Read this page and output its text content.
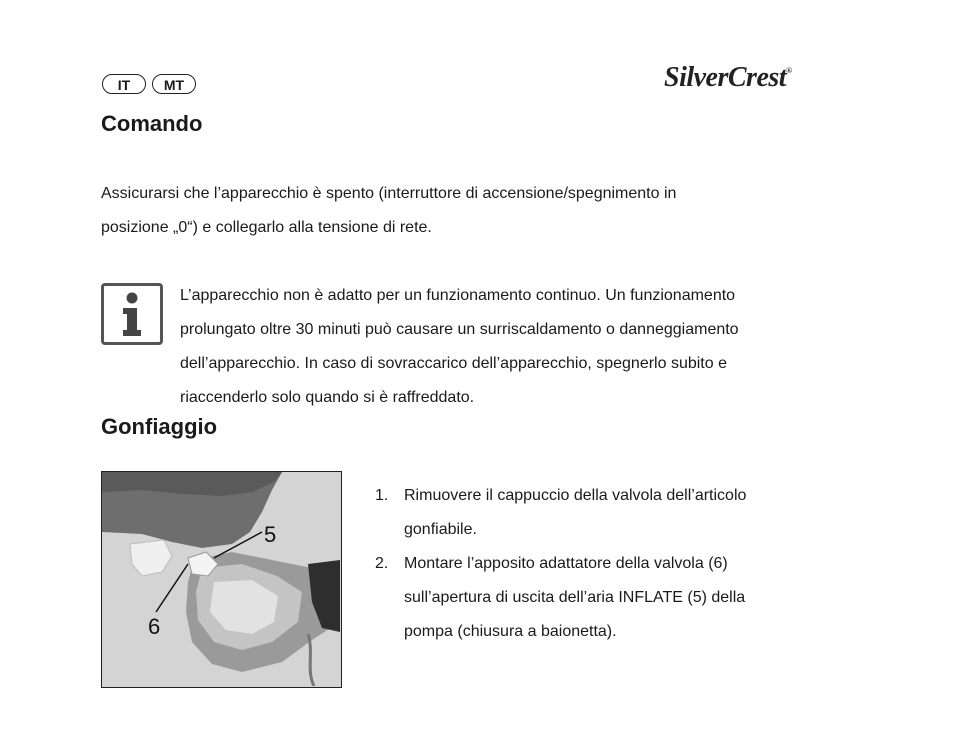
IT	MT	SilverCrest®
Comando
Assicurarsi che l’apparecchio è spento (interruttore di accensione/spegnimento in
posizione „0“) e collegarlo alla tensione di rete.
L’apparecchio non è adatto per un funzionamento continuo. Un funzionamento
prolungato oltre 30 minuti può causare un surriscaldamento o danneggiamento
dell’apparecchio. In caso di sovraccarico dell’apparecchio, spegnerlo subito e
riaccenderlo solo quando si è raffreddato.
Gonfiaggio
5
6
1. Rimuovere il cappuccio della valvola dell’articolo
gonfiabile.
2. Montare l’apposito adattatore della valvola (6)
sull’apertura di uscita dell’aria INFLATE (5) della
pompa (chiusura a baionetta).
